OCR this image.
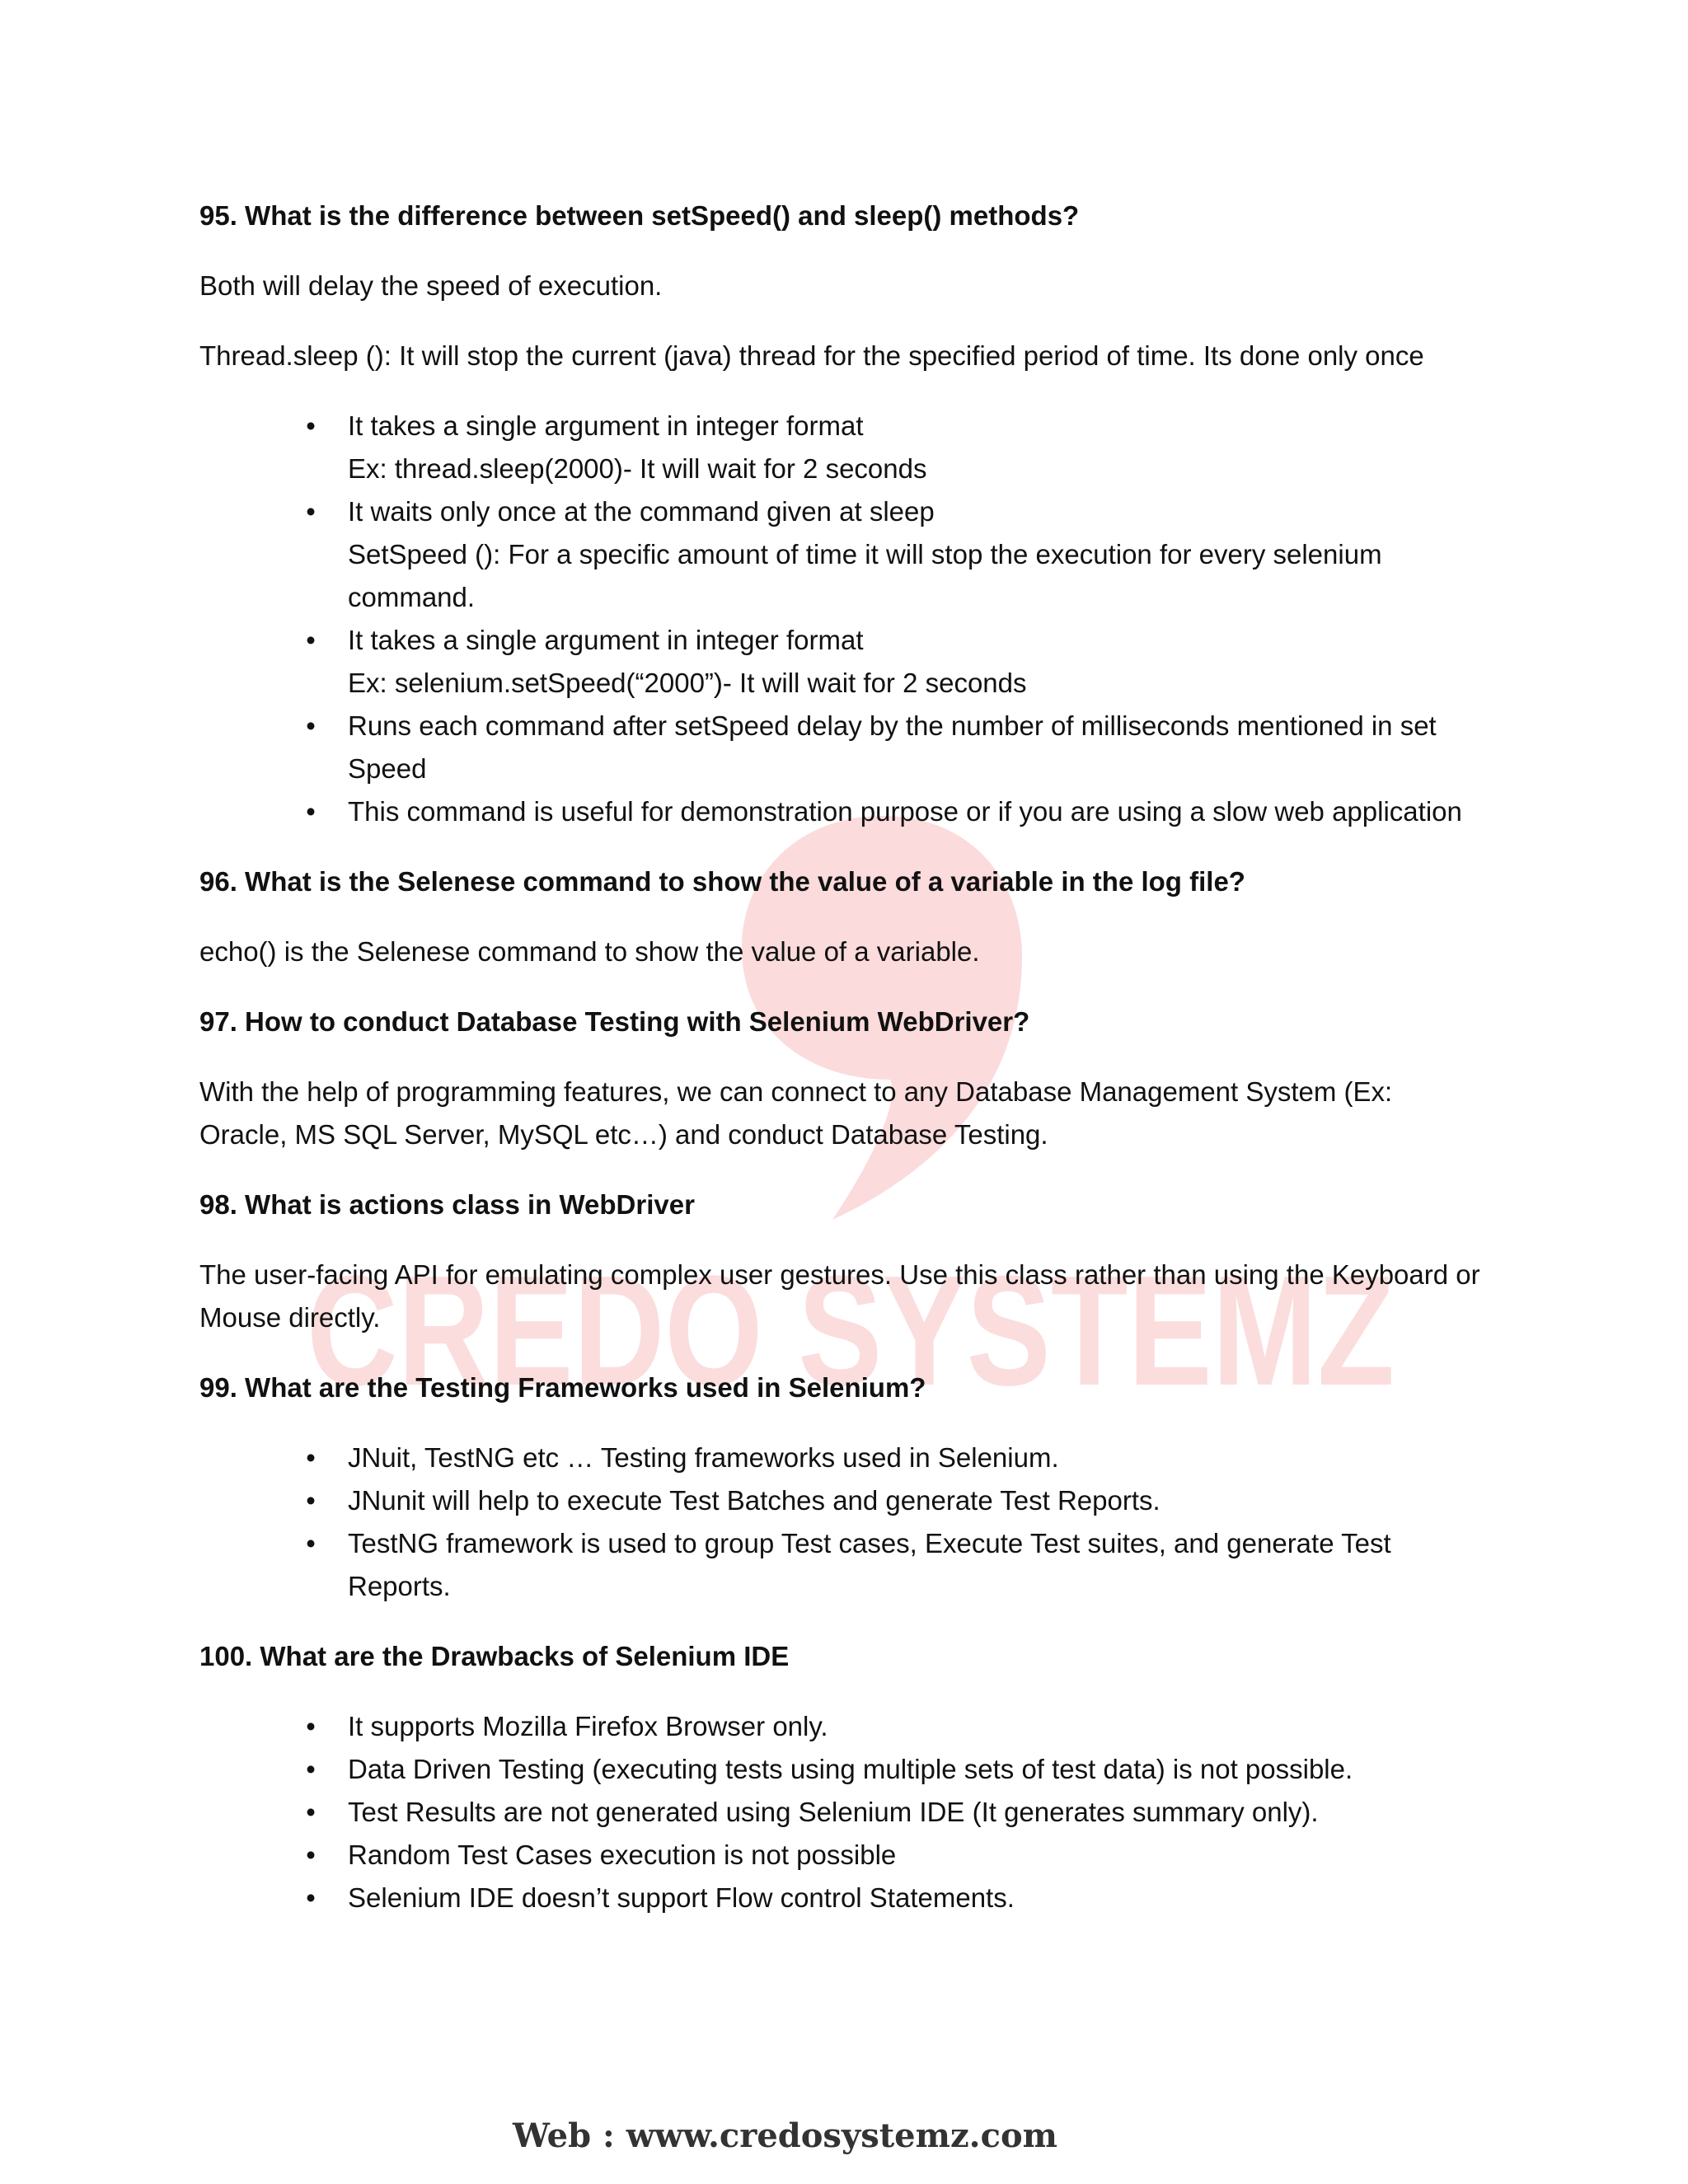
CREDO SYSTEMZ
95. What is the difference between setSpeed() and sleep() methods?
Both will delay the speed of execution.
Thread.sleep (): It will stop the current (java) thread for the specified period of time. Its done only once
• It takes a single argument in integer format
Ex: thread.sleep(2000)- It will wait for 2 seconds
• It waits only once at the command given at sleep
SetSpeed (): For a specific amount of time it will stop the execution for every selenium command.
• It takes a single argument in integer format
Ex: selenium.setSpeed(“2000”)- It will wait for 2 seconds
• Runs each command after setSpeed delay by the number of milliseconds mentioned in set Speed
• This command is useful for demonstration purpose or if you are using a slow web application
96. What is the Selenese command to show the value of a variable in the log file?
echo() is the Selenese command to show the value of a variable.
97. How to conduct Database Testing with Selenium WebDriver?
With the help of programming features, we can connect to any Database Management System (Ex: Oracle, MS SQL Server, MySQL etc…) and conduct Database Testing.
98. What is actions class in WebDriver
The user-facing API for emulating complex user gestures. Use this class rather than using the Keyboard or Mouse directly.
99. What are the Testing Frameworks used in Selenium?
• JNuit, TestNG etc … Testing frameworks used in Selenium.
• JNunit will help to execute Test Batches and generate Test Reports.
• TestNG framework is used to group Test cases, Execute Test suites, and generate Test Reports.
100. What are the Drawbacks of Selenium IDE
• It supports Mozilla Firefox Browser only.
• Data Driven Testing (executing tests using multiple sets of test data) is not possible.
• Test Results are not generated using Selenium IDE (It generates summary only).
• Random Test Cases execution is not possible
• Selenium IDE doesn’t support Flow control Statements.
Web : www.credosystemz.com
